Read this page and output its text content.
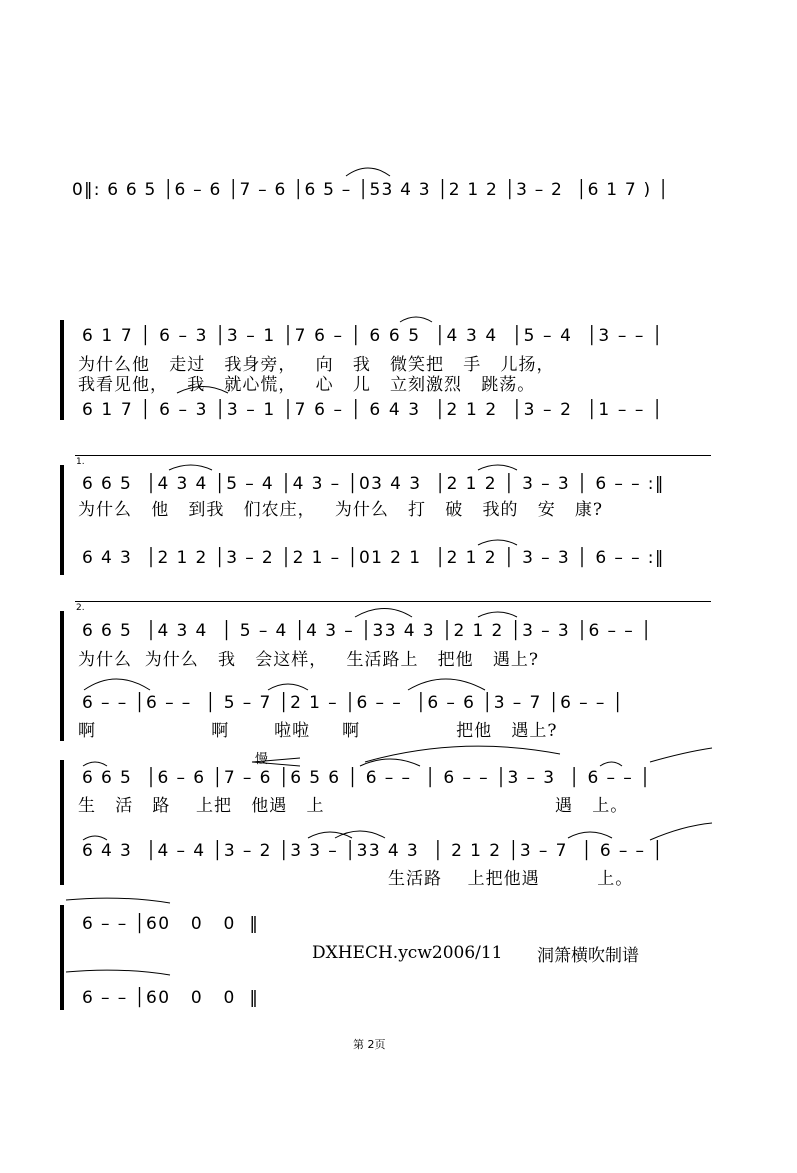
0‖: 6 6 5 │6 – 6 │7 – 6 │6 5 – │53 4 3 │2 1 2 │3 – 2  │6 1 7 ) │
6 1 7 │ 6 – 3 │3 – 1 │7 6 – │ 6 6 5  │4 3 4  │5 – 4  │3 – – │
为什么他   走过   我身旁，   向   我   微笑把   手   儿扬，
我看见他，   我   就心慌，   心   儿   立刻激烈   跳荡。
6 1 7 │ 6 – 3 │3 – 1 │7 6 – │ 6 4 3  │2 1 2  │3 – 2  │1 – – │
1.
6 6 5  │4 3 4 │5 – 4 │4 3 – │03 4 3  │2 1 2 │ 3 – 3 │ 6 – – :‖
为什么   他   到我   们农庄，   为什么   打   破   我的   安   康?
6 4 3  │2 1 2 │3 – 2 │2 1 – │01 2 1  │2 1 2 │ 3 – 3 │ 6 – – :‖
2.
6 6 5  │4 3 4  │ 5 – 4 │4 3 – │33 4 3 │2 1 2 │3 – 3 │6 – – │
为什么  为什么   我   会这样，   生活路上   把他   遇上?
6 – – │6 – –  │ 5 – 7 │2 1 – │6 – –  │6 – 6 │3 – 7 │6 – – │
啊                  啊       啦啦     啊               把他   遇上?
慢
6 6 5  │6 – 6 │7 – 6 │6 5 6 │ 6 – –  │ 6 – – │3 – 3  │ 6 – – │
生   活   路    上把   他遇   上                                    遇   上。
6 4 3  │4 – 4 │3 – 2 │3 3 – │33 4 3  │ 2 1 2 │3 – 7  │ 6 – – │
生活路    上把他遇         上。
6 – – │60   0   0  ‖
6 – – │60   0   0  ‖
DXHECH.ycw2006/11 洞箫横吹制谱
第 2页
